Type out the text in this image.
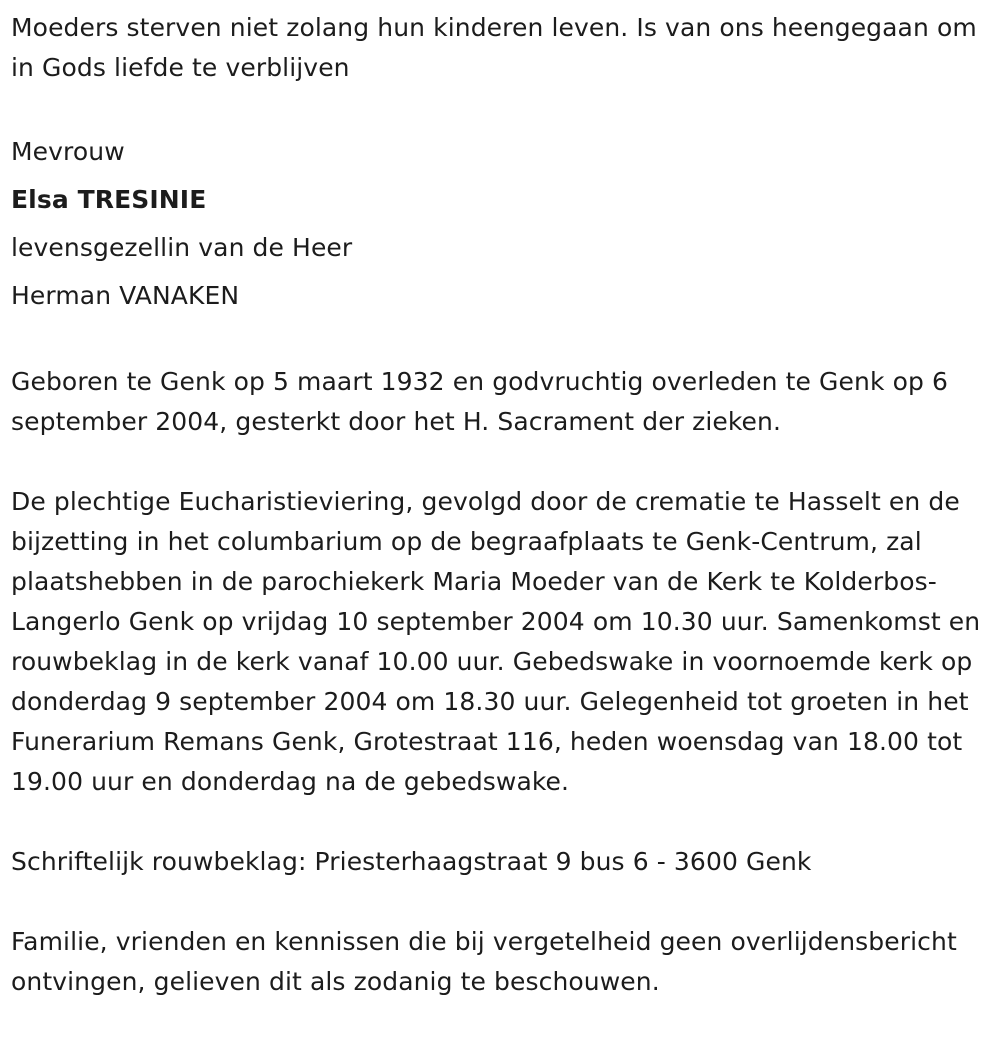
Moeders sterven niet zolang hun kinderen leven. Is van ons heengegaan om in Gods liefde te verblijven

Mevrouw

Elsa TRESINIE

levensgezellin van de Heer

Herman VANAKEN

Geboren te Genk op 5 maart 1932 en godvruchtig overleden te Genk op 6 september 2004, gesterkt door het H. Sacrament der zieken.

De plechtige Eucharistieviering, gevolgd door de crematie te Hasselt en de bijzetting in het columbarium op de begraafplaats te Genk-Centrum, zal plaatshebben in de parochiekerk Maria Moeder van de Kerk te Kolderbos-Langerlo Genk op vrijdag 10 september 2004 om 10.30 uur. Samenkomst en rouwbeklag in de kerk vanaf 10.00 uur. Gebedswake in voornoemde kerk op donderdag 9 september 2004 om 18.30 uur. Gelegenheid tot groeten in het Funerarium Remans Genk, Grotestraat 116, heden woensdag van 18.00 tot 19.00 uur en donderdag na de gebedswake.

Schriftelijk rouwbeklag: Priesterhaagstraat 9 bus 6 - 3600 Genk

Familie, vrienden en kennissen die bij vergetelheid geen overlijdensbericht ontvingen, gelieven dit als zodanig te beschouwen.
